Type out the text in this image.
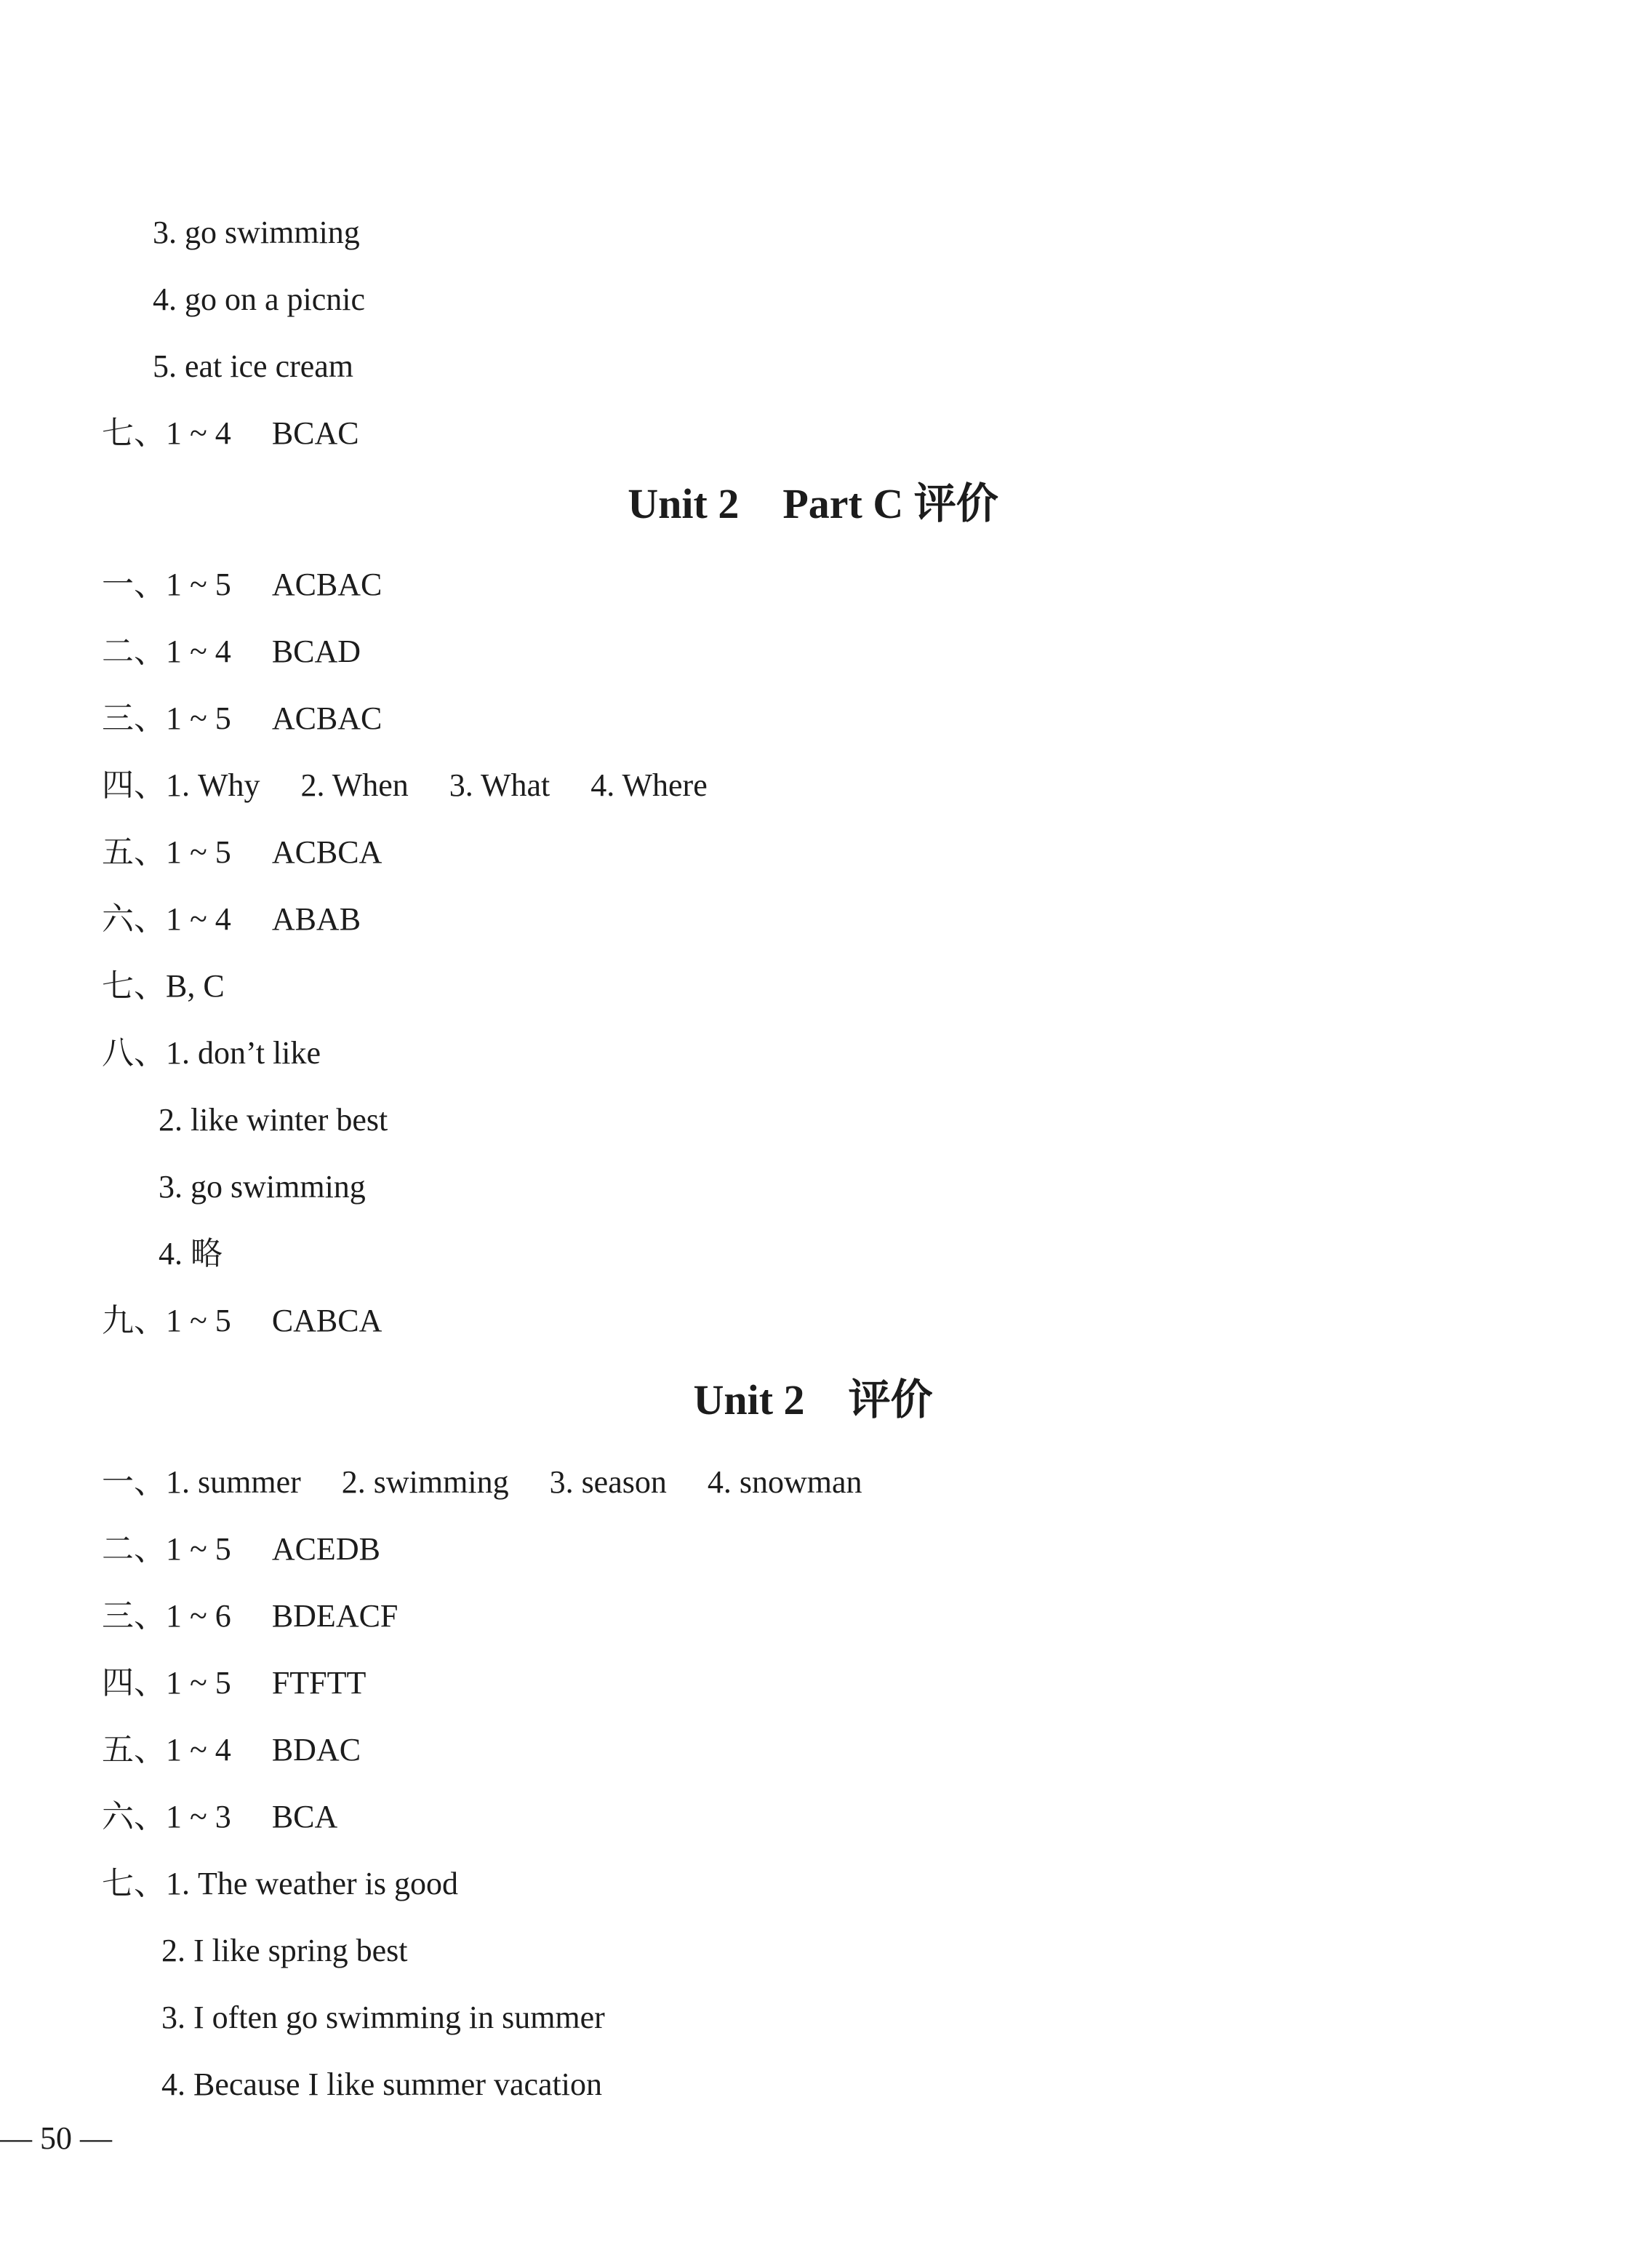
3. go swimming
4. go on a picnic
5. eat ice cream
七、1 ~ 4 BCAC
Unit 2 Part C 评价
一、1 ~ 5 ACBAC
二、1 ~ 4 BCAD
三、1 ~ 5 ACBAC
四、1. Why 2. When 3. What 4. Where
五、1 ~ 5 ACBCA
六、1 ~ 4 ABAB
七、B, C
八、1. don’t like
2. like winter best
3. go swimming
4. 略
九、1 ~ 5 CABCA
Unit 2 评价
一、1. summer 2. swimming 3. season 4. snowman
二、1 ~ 5 ACEDB
三、1 ~ 6 BDEACF
四、1 ~ 5 FTFTT
五、1 ~ 4 BDAC
六、1 ~ 3 BCA
七、1. The weather is good
2. I like spring best
3. I often go swimming in summer
4. Because I like summer vacation
— 50 —
